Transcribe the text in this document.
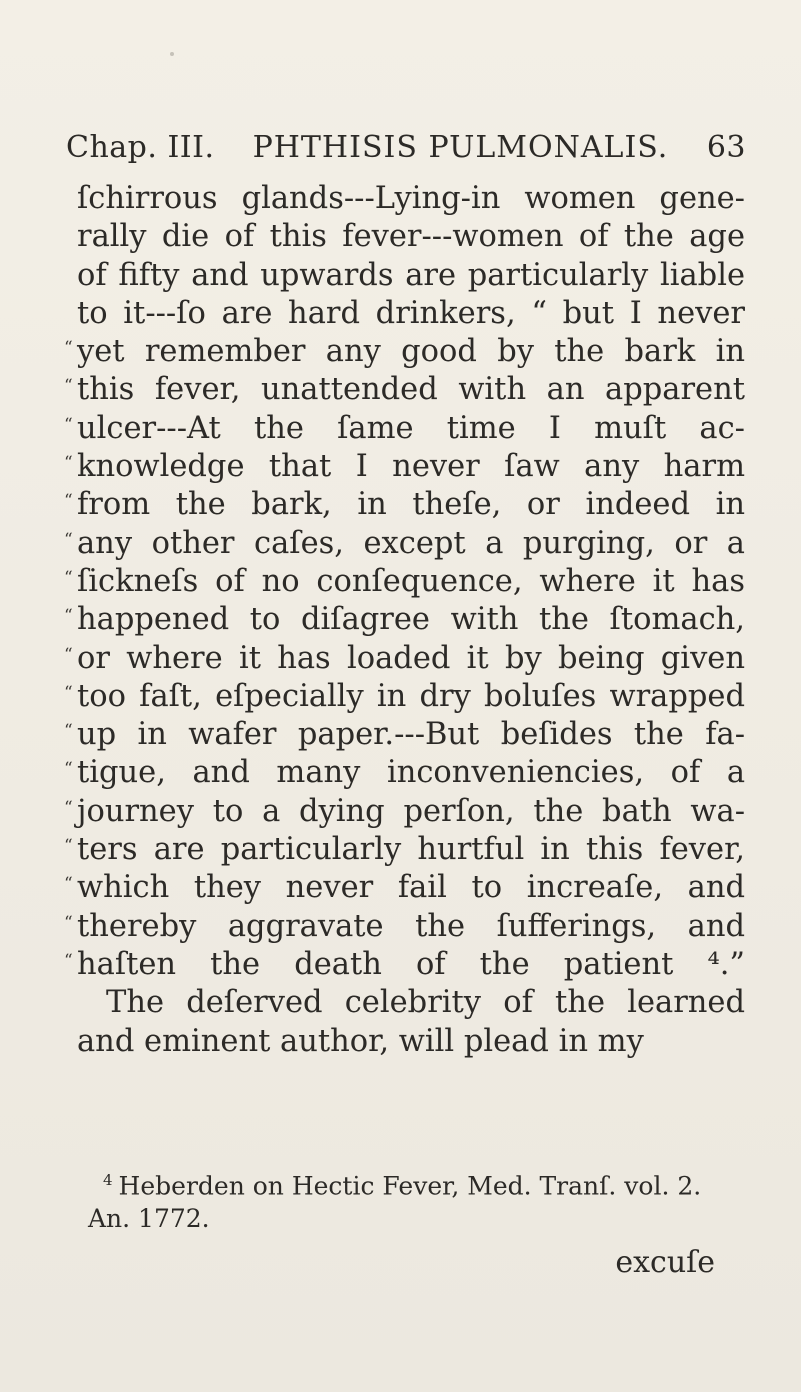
Chap. III. PHTHISIS PULMONALIS. 63
ſchirrous glands---Lying-in women gene-
rally die of this fever---women of the age
of fifty and upwards are particularly liable
to it---ſo are hard drinkers, “ but I never
“ yet remember any good by the bark in
“ this fever, unattended with an apparent
“ ulcer---At the ſame time I muſt ac-
“ knowledge that I never ſaw any harm
“ from the bark, in theſe, or indeed in
“ any other caſes, except a purging, or a
“ ſickneſs of no conſequence, where it has
“ happened to diſagree with the ſtomach,
“ or where it has loaded it by being given
“ too faſt, eſpecially in dry boluſes wrapped
“ up in wafer paper.---But beſides the fa-
“ tigue, and many inconveniencies, of a
“ journey to a dying perſon, the bath wa-
“ ters are particularly hurtful in this fever,
“ which they never fail to increaſe, and
“ thereby aggravate the ſufferings, and
“ haſten the death of the patient ⁴.”
The deſerved celebrity of the learned
and eminent author, will plead in my
$^4$ Heberden on Hectic Fever, Med. Tranſ. vol. 2.
An. 1772.
excuſe
